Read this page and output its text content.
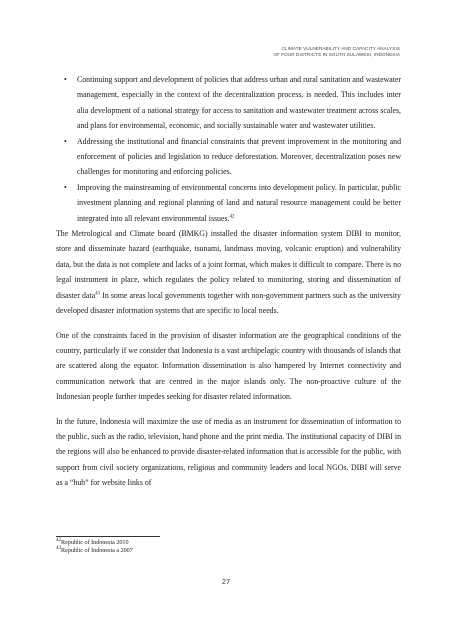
CLIMATE VULNERABILITY AND CAPACITY ANALYSIS
OF FOUR DISTRICTS IN SOUTH SULAWESI, INDONESIA
• Continuing support and development of policies that address urban and rural sanitation and wastewater management, especially in the context of the decentralization process, is needed. This includes inter alia development of a national strategy for access to sanitation and wastewater treatment across scales, and plans for environmental, economic, and socially sustainable water and wastewater utilities.
• Addressing the institutional and financial constraints that prevent improvement in the monitoring and enforcement of policies and legislation to reduce deforestation. Moreover, decentralization poses new challenges for monitoring and enforcing policies.
• Improving the mainstreaming of environmental concerns into development policy. In particular, public investment planning and regional planning of land and natural resource management could be better integrated into all relevant environmental issues.$^{42}$

The Metrological and Climate board (BMKG) installed the disaster information system DIBI to monitor, store and disseminate hazard (earthquake, tsunami, landmass moving, volcanic eruption) and vulnerability data, but the data is not complete and lacks of a joint format, which makes it difficult to compare. There is no legal instrument in place, which regulates the policy related to monitoring, storing and dissemination of disaster data$^{43}$ In some areas local governments together with non-government partners such as the university developed disaster information systems that are specific to local needs.

One of the constraints faced in the provision of disaster information are the geographical conditions of the country, particularly if we consider that Indonesia is a vast archipelagic country with thousands of islands that are scattered along the equator. Information dissemination is also hampered by Internet connectivity and communication network that are centred in the major islands only. The non-proactive culture of the Indonesian people further impedes seeking for disaster related information.

In the future, Indonesia will maximize the use of media as an instrument for dissemination of information to the public, such as the radio, television, hand phone and the print media. The institutional capacity of DIBI in the regions will also be enhanced to provide disaster-related information that is accessible for the public, with support from civil society organizations, religious and community leaders and local NGOs. DIBI will serve as a “hub” for website links of

$^{42}$Republic of Indonesia 2010
$^{43}$Republic of Indonesia a 2007
27
